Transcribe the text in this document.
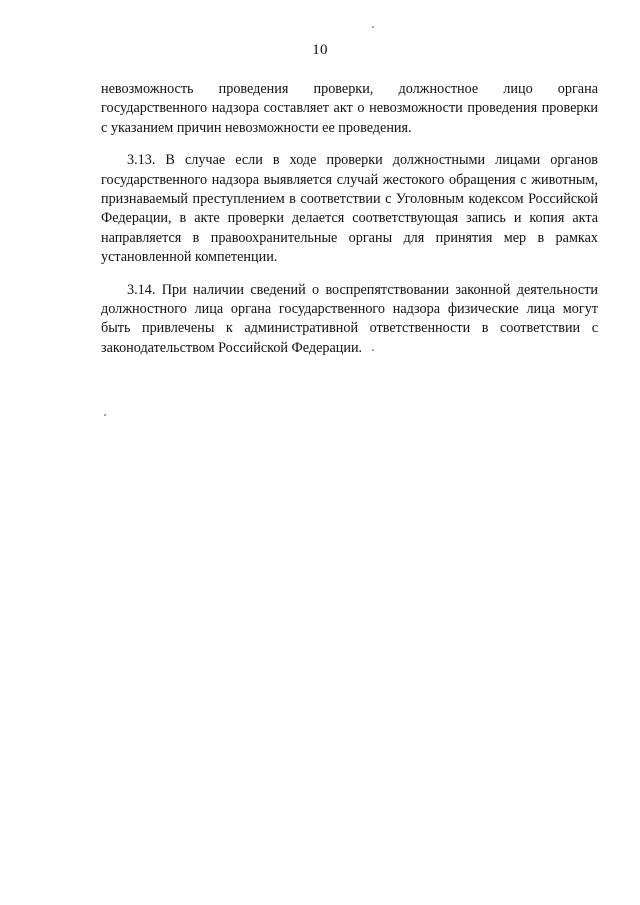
10

невозможность проведения проверки, должностное лицо органа государственного надзора составляет акт о невозможности проведения проверки с указанием причин невозможности ее проведения.

3.13. В случае если в ходе проверки должностными лицами органов государственного надзора выявляется случай жестокого обращения с животным, признаваемый преступлением в соответствии с Уголовным кодексом Российской Федерации, в акте проверки делается соответствующая запись и копия акта направляется в правоохранительные органы для принятия мер в рамках установленной компетенции.

3.14. При наличии сведений о воспрепятствовании законной деятельности должностного лица органа государственного надзора физические лица могут быть привлечены к административной ответственности в соответствии с законодательством Российской Федерации.
